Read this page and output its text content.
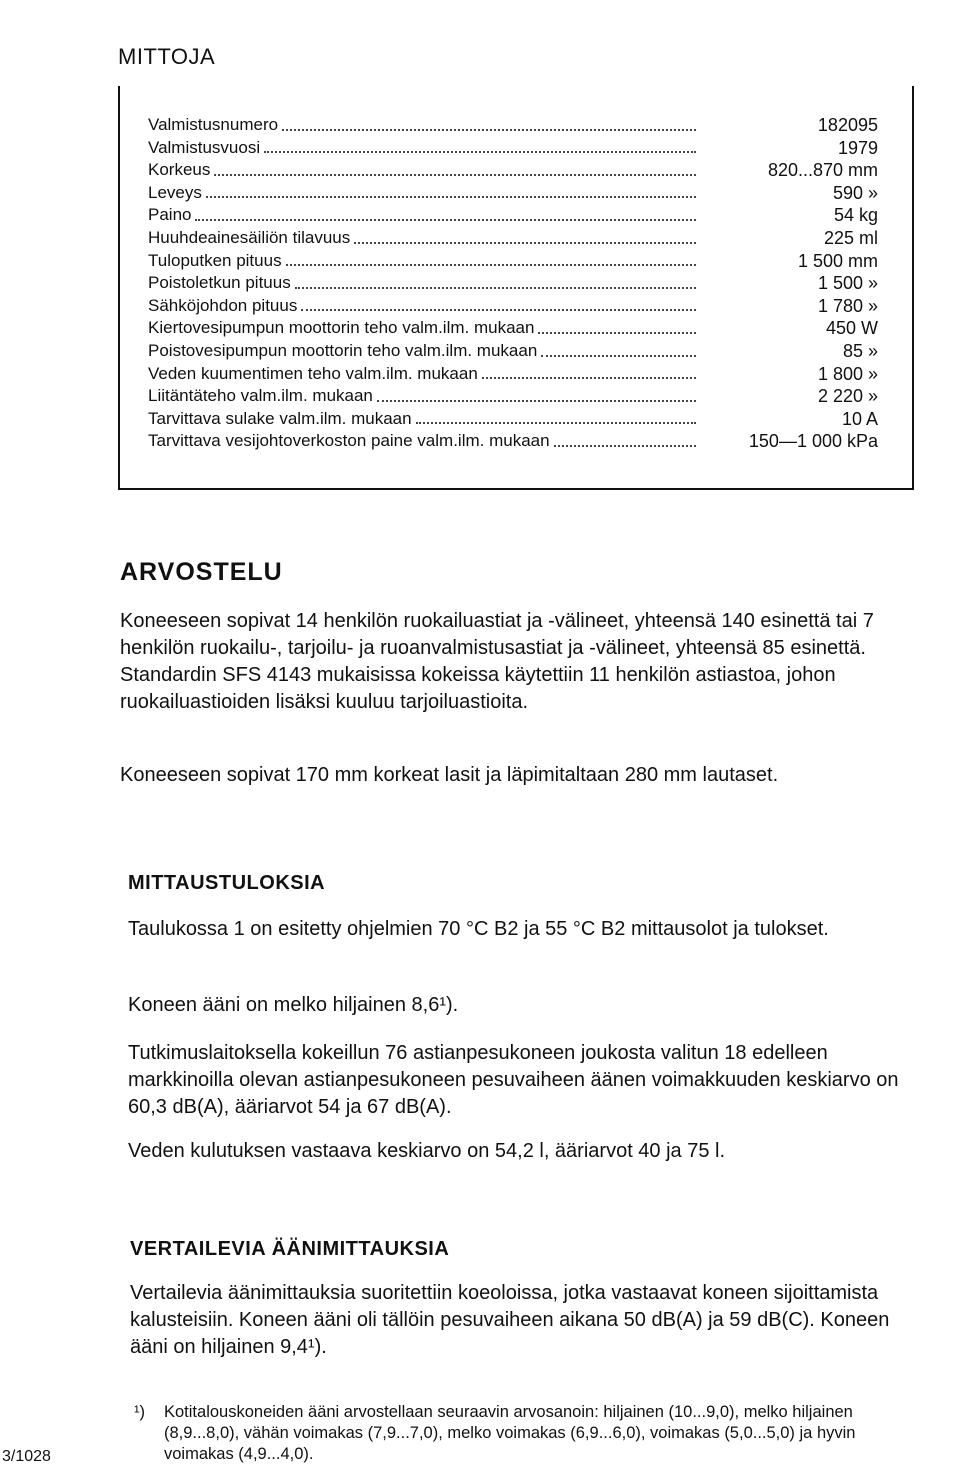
MITTOJA
Valmistusnumero	182095
Valmistusvuosi	1979
Korkeus	820...870 mm
Leveys	590 »
Paino	54 kg
Huuhdeainesäiliön tilavuus	225 ml
Tuloputken pituus	1 500 mm
Poistoletkun pituus	1 500 »
Sähköjohdon pituus	1 780 »
Kiertovesipumpun moottorin teho valm.ilm. mukaan	450 W
Poistovesipumpun moottorin teho valm.ilm. mukaan	85 »
Veden kuumentimen teho valm.ilm. mukaan	1 800 »
Liitäntäteho valm.ilm. mukaan	2 220 »
Tarvittava sulake valm.ilm. mukaan	10 A
Tarvittava vesijohtoverkoston paine valm.ilm. mukaan	150—1 000 kPa
ARVOSTELU
Koneeseen sopivat 14 henkilön ruokailuastiat ja -välineet, yhteensä 140 esinettä tai 7 henkilön ruokailu-, tarjoilu- ja ruoanvalmistusastiat ja -välineet, yhteensä 85 esinettä. Standardin SFS 4143 mukaisissa kokeissa käytettiin 11 henkilön astiastoa, johon ruokailuastioiden lisäksi kuuluu tarjoiluastioita.
Koneeseen sopivat 170 mm korkeat lasit ja läpimitaltaan 280 mm lautaset.
MITTAUSTULOKSIA
Taulukossa 1 on esitetty ohjelmien 70 °C B2 ja 55 °C B2 mittausolot ja tulokset.
Koneen ääni on melko hiljainen 8,6¹).
Tutkimuslaitoksella kokeillun 76 astianpesukoneen joukosta valitun 18 edelleen markkinoilla olevan astianpesukoneen pesuvaiheen äänen voimakkuuden keskiarvo on 60,3 dB(A), ääriarvot 54 ja 67 dB(A).
Veden kulutuksen vastaava keskiarvo on 54,2 l, ääriarvot 40 ja 75 l.
VERTAILEVIA ÄÄNIMITTAUKSIA
Vertailevia äänimittauksia suoritettiin koeoloissa, jotka vastaavat koneen sijoittamista kalusteisiin. Koneen ääni oli tällöin pesuvaiheen aikana 50 dB(A) ja 59 dB(C). Koneen ääni on hiljainen 9,4¹).
¹) Kotitalouskoneiden ääni arvostellaan seuraavin arvosanoin: hiljainen (10...9,0), melko hiljainen (8,9...8,0), vähän voimakas (7,9...7,0), melko voimakas (6,9...6,0), voimakas (5,0...5,0) ja hyvin voimakas (4,9...4,0).
3/1028
